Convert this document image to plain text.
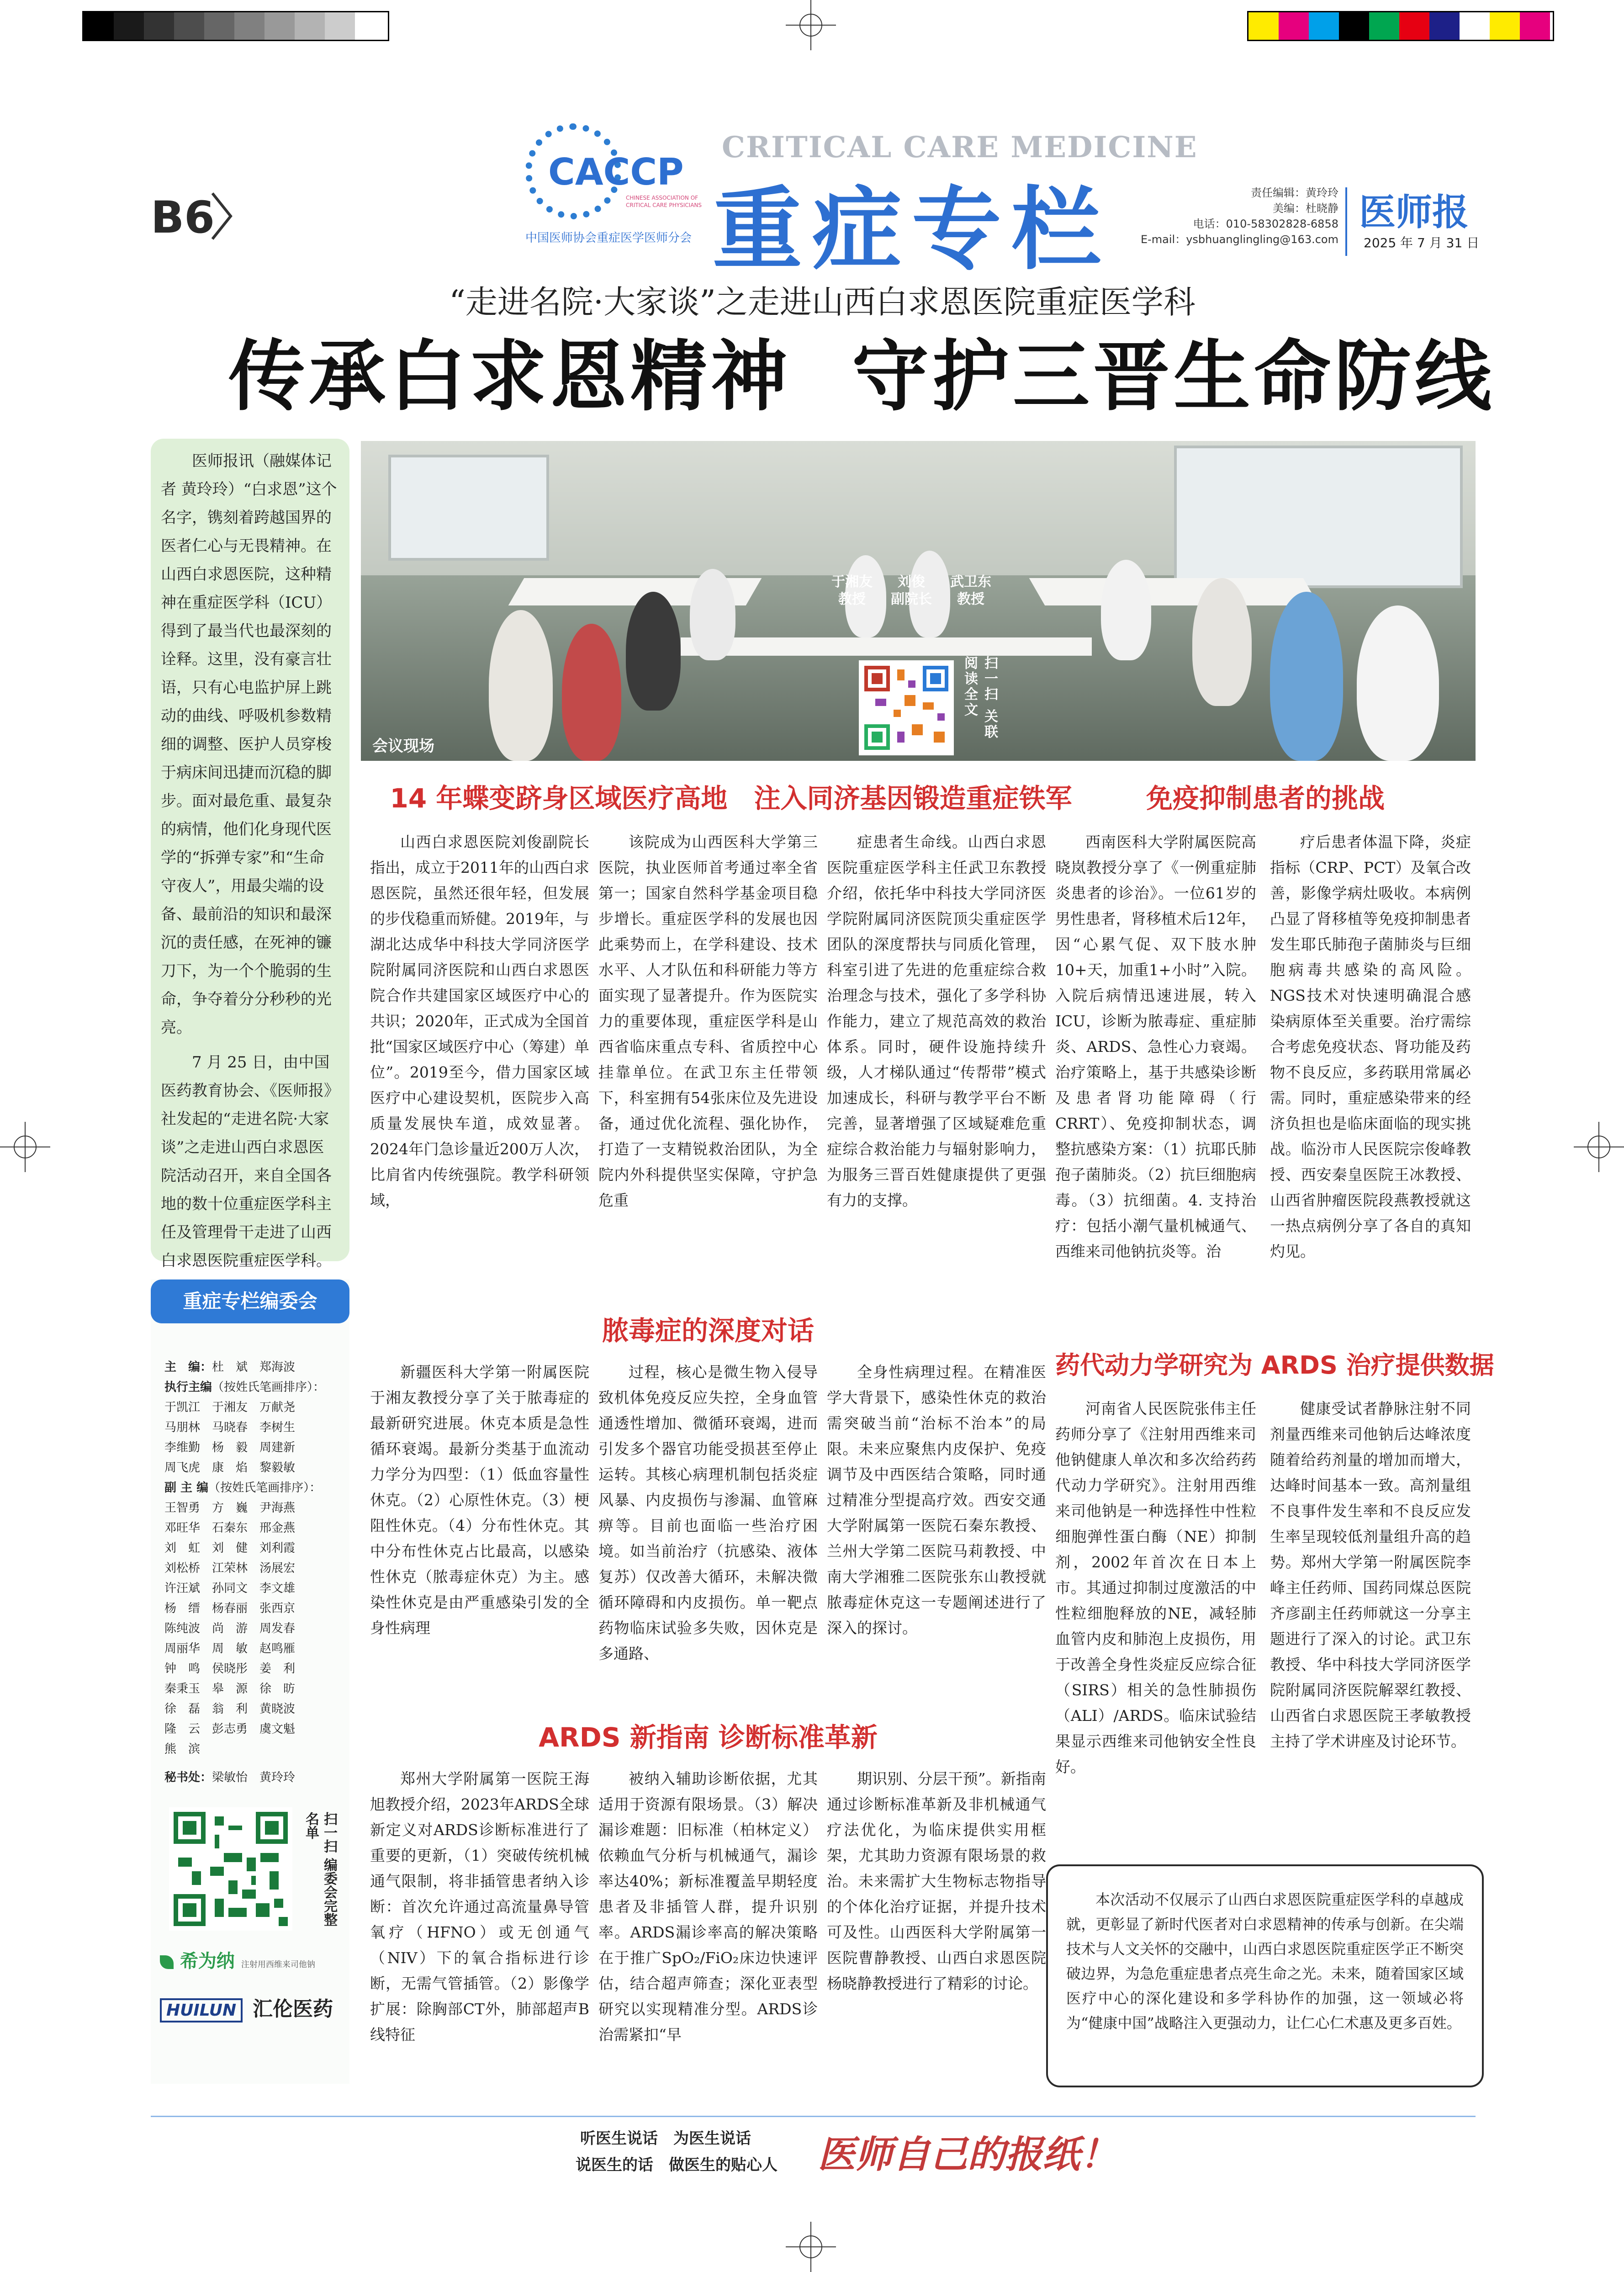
B6
CACCP
CHINESE ASSOCIATION OF CRITICAL CARE PHYSICIANS
中国医师协会重症医学医师分会
CRITICAL CARE MEDICINE
重症专栏	责任编辑：黄玲玲
美编：杜晓静
电话：010-58302828-6858
E-mail：ysbhuanglingling@163.com
医师报
2025 年 7 月 31 日
“走进名院·大家谈”之走进山西白求恩医院重症医学科
传承白求恩精神  守护三晋生命防线

医师报讯（融媒体记者 黄玲玲）“白求恩”这个名字，镌刻着跨越国界的医者仁心与无畏精神。在山西白求恩医院，这种精神在重症医学科（ICU）得到了最当代也最深刻的诠释。这里，没有豪言壮语，只有心电监护屏上跳动的曲线、呼吸机参数精细的调整、医护人员穿梭于病床间迅捷而沉稳的脚步。面对最危重、最复杂的病情，他们化身现代医学的“拆弹专家”和“生命守夜人”，用最尖端的设备、最前沿的知识和最深沉的责任感，在死神的镰刀下，为一个个脆弱的生命，争夺着分分秒秒的光亮。

7 月 25 日，由中国医药教育协会、《医师报》社发起的“走进名院·大家谈”之走进山西白求恩医院活动召开，来自全国各地的数十位重症医学科主任及管理骨干走进了山西白求恩医院重症医学科。

重症专栏编委会
主　编：杜　斌　郑海波
执行主编（按姓氏笔画排序）：
于凯江　于湘友　万献尧
马朋林　马晓春　李树生
李维勤　杨　毅　周建新
周飞虎　康　焰　黎毅敏
副 主 编（按姓氏笔画排序）：
王智勇　方　巍　尹海燕
邓旺华　石秦东　邢金燕
刘　虹　刘　健　刘利霞
刘松桥　江荣林　汤展宏
许汪斌　孙同文　李文雄
杨　缙　杨春丽　张西京
陈纯波　尚　游　周发春
周丽华　周　敏　赵鸣雁
钟　鸣　侯晓彤　姜　利
秦秉玉　皋　源　徐　昉
徐　磊　翁　利　黄晓波
隆　云　彭志勇　虞文魁
熊　滨
秘书处：梁敏怡　黄玲玲
扫一扫 编委会完整名单
希为纳 注射用西维来司他钠
HUILUN 汇伦医药
会议现场
于湘友
教授
刘俊
副院长
武卫东
教授
扫一扫 关联阅读全文
14 年蝶变跻身区域医疗高地　注入同济基因锻造重症铁军

山西白求恩医院刘俊副院长指出，成立于2011年的山西白求恩医院，虽然还很年轻，但发展的步伐稳重而矫健。2019年，与湖北达成华中科技大学同济医学院附属同济医院和山西白求恩医院合作共建国家区域医疗中心的共识；2020年，正式成为全国首批“国家区域医疗中心（筹建）单位”。2019至今，借力国家区域医疗中心建设契机，医院步入高质量发展快车道，成效显著。2024年门急诊量近200万人次，比肩省内传统强院。教学科研领域，

该院成为山西医科大学第三医院，执业医师首考通过率全省第一；国家自然科学基金项目稳步增长。重症医学科的发展也因此乘势而上，在学科建设、技术水平、人才队伍和科研能力等方面实现了显著提升。作为医院实力的重要体现，重症医学科是山西省临床重点专科、省质控中心挂靠单位。在武卫东主任带领下，科室拥有54张床位及先进设备，通过优化流程、强化协作，打造了一支精锐救治团队，为全院内外科提供坚实保障，守护急危重

症患者生命线。山西白求恩医院重症医学科主任武卫东教授介绍，依托华中科技大学同济医学院附属同济医院顶尖重症医学团队的深度帮扶与同质化管理，科室引进了先进的危重症综合救治理念与技术，强化了多学科协作能力，建立了规范高效的救治体系。同时，硬件设施持续升级，人才梯队通过“传帮带”模式加速成长，科研与教学平台不断完善，显著增强了区域疑难危重症综合救治能力与辐射影响力，为服务三晋百姓健康提供了更强有力的支撑。

免疫抑制患者的挑战

西南医科大学附属医院高晓岚教授分享了《一例重症肺炎患者的诊治》。一位61岁的男性患者，肾移植术后12年，因“心累气促、双下肢水肿10+天，加重1+小时”入院。入院后病情迅速进展，转入ICU，诊断为脓毒症、重症肺炎、ARDS、急性心力衰竭。治疗策略上，基于共感染诊断及患者肾功能障碍（行CRRT）、免疫抑制状态，调整抗感染方案：（1）抗耶氏肺孢子菌肺炎。（2）抗巨细胞病毒。（3）抗细菌。4. 支持治疗：包括小潮气量机械通气、西维来司他钠抗炎等。治

疗后患者体温下降，炎症指标（CRP、PCT）及氧合改善，影像学病灶吸收。本病例凸显了肾移植等免疫抑制患者发生耶氏肺孢子菌肺炎与巨细胞病毒共感染的高风险。NGS技术对快速明确混合感染病原体至关重要。治疗需综合考虑免疫状态、肾功能及药物不良反应，多药联用常属必需。同时，重症感染带来的经济负担也是临床面临的现实挑战。临汾市人民医院宗俊峰教授、西安秦皇医院王冰教授、山西省肿瘤医院段燕教授就这一热点病例分享了各自的真知灼见。

脓毒症的深度对话

新疆医科大学第一附属医院于湘友教授分享了关于脓毒症的最新研究进展。休克本质是急性循环衰竭。最新分类基于血流动力学分为四型：（1）低血容量性休克。（2）心原性休克。（3）梗阻性休克。（4）分布性休克。其中分布性休克占比最高，以感染性休克（脓毒症休克）为主。感染性休克是由严重感染引发的全身性病理

过程，核心是微生物入侵导致机体免疫反应失控，全身血管通透性增加、微循环衰竭，进而引发多个器官功能受损甚至停止运转。其核心病理机制包括炎症风暴、内皮损伤与渗漏、血管麻痹等。目前也面临一些治疗困境。如当前治疗（抗感染、液体复苏）仅改善大循环，未解决微循环障碍和内皮损伤。单一靶点药物临床试验多失败，因休克是多通路、

全身性病理过程。在精准医学大背景下，感染性休克的救治需突破当前“治标不治本”的局限。未来应聚焦内皮保护、免疫调节及中西医结合策略，同时通过精准分型提高疗效。西安交通大学附属第一医院石秦东教授、兰州大学第二医院马莉教授、中南大学湘雅二医院张东山教授就脓毒症休克这一专题阐述进行了深入的探讨。

药代动力学研究为 ARDS 治疗提供数据

河南省人民医院张伟主任药师分享了《注射用西维来司他钠健康人单次和多次给药药代动力学研究》。注射用西维来司他钠是一种选择性中性粒细胞弹性蛋白酶（NE）抑制剂，2002年首次在日本上市。其通过抑制过度激活的中性粒细胞释放的NE，减轻肺血管内皮和肺泡上皮损伤，用于改善全身性炎症反应综合征（SIRS）相关的急性肺损伤（ALI）/ARDS。临床试验结果显示西维来司他钠安全性良好。

健康受试者静脉注射不同剂量西维来司他钠后达峰浓度随着给药剂量的增加而增大，达峰时间基本一致。高剂量组不良事件发生率和不良反应发生率呈现较低剂量组升高的趋势。郑州大学第一附属医院李峰主任药师、国药同煤总医院齐彦副主任药师就这一分享主题进行了深入的讨论。武卫东教授、华中科技大学同济医学院附属同济医院解翠红教授、山西省白求恩医院王孝敏教授主持了学术讲座及讨论环节。

ARDS 新指南 诊断标准革新

郑州大学附属第一医院王海旭教授介绍，2023年ARDS全球新定义对ARDS诊断标准进行了重要的更新，（1）突破传统机械通气限制，将非插管患者纳入诊断：首次允许通过高流量鼻导管氧疗（HFNO）或无创通气（NIV）下的氧合指标进行诊断，无需气管插管。（2）影像学扩展：除胸部CT外，肺部超声B线特征

被纳入辅助诊断依据，尤其适用于资源有限场景。（3）解决漏诊难题：旧标准（柏林定义）依赖血气分析与机械通气，漏诊率达40%；新标准覆盖早期轻度患者及非插管人群，提升识别率。ARDS漏诊率高的解决策略在于推广SpO₂/FiO₂床边快速评估，结合超声筛查；深化亚表型研究以实现精准分型。ARDS诊治需紧扣“早

期识别、分层干预”。新指南通过诊断标准革新及非机械通气疗法优化，为临床提供实用框架，尤其助力资源有限场景的救治。未来需扩大生物标志物指导的个体化治疗证据，并提升技术可及性。山西医科大学附属第一医院曹静教授、山西白求恩医院杨晓静教授进行了精彩的讨论。

本次活动不仅展示了山西白求恩医院重症医学科的卓越成就，更彰显了新时代医者对白求恩精神的传承与创新。在尖端技术与人文关怀的交融中，山西白求恩医院重症医学正不断突破边界，为急危重症患者点亮生命之光。未来，随着国家区域医疗中心的深化建设和多学科协作的加强，这一领域必将为“健康中国”战略注入更强动力，让仁心仁术惠及更多百姓。
听医生说话　为医生说话
说医生的话　做医生的贴心人 医师自己的报纸！
